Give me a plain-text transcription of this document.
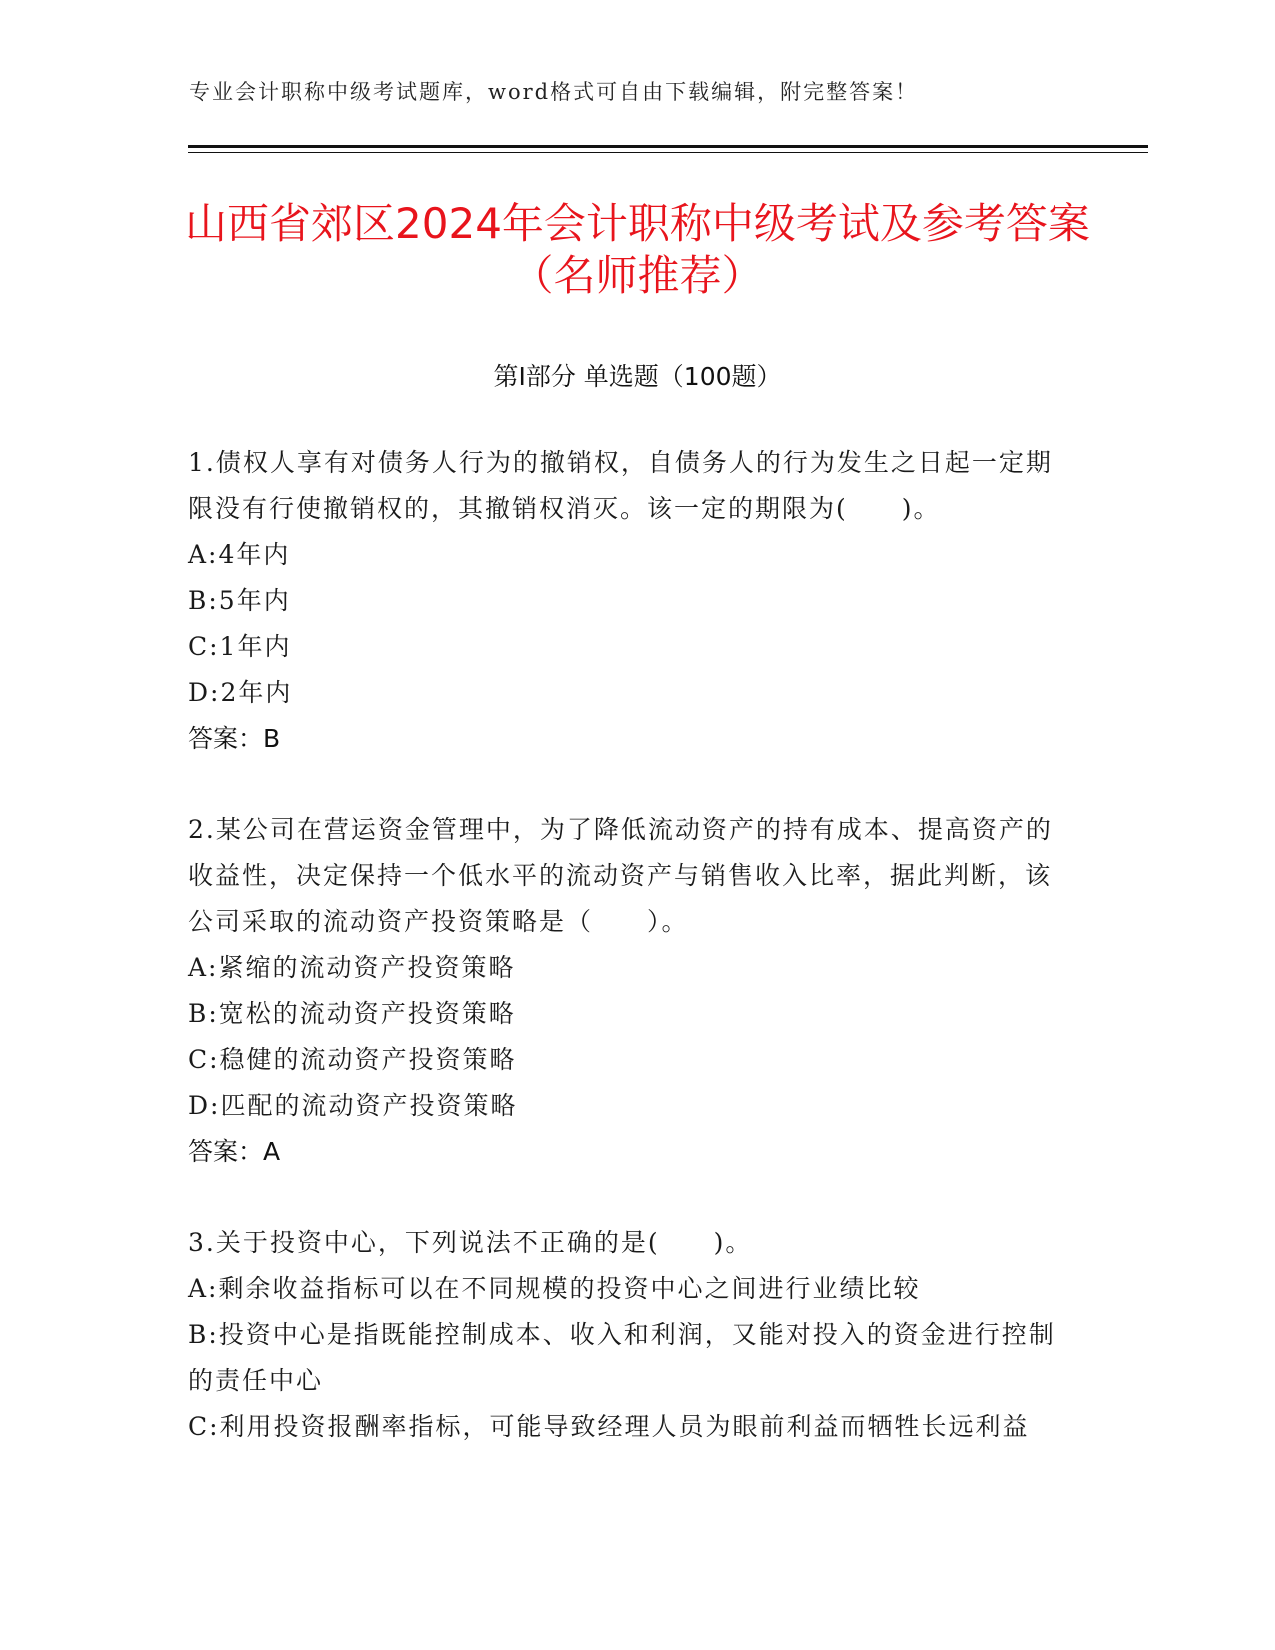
专业会计职称中级考试题库，word格式可自由下载编辑，附完整答案！
山西省郊区2024年会计职称中级考试及参考答案（名师推荐）
第Ⅰ部分 单选题（100题）
1.债权人享有对债务人行为的撤销权，自债务人的行为发生之日起一定期限没有行使撤销权的，其撤销权消灭。该一定的期限为(　　)。
A:4年内
B:5年内
C:1年内
D:2年内
答案：B
2.某公司在营运资金管理中，为了降低流动资产的持有成本、提高资产的收益性，决定保持一个低水平的流动资产与销售收入比率，据此判断，该公司采取的流动资产投资策略是（　　）。
A:紧缩的流动资产投资策略
B:宽松的流动资产投资策略
C:稳健的流动资产投资策略
D:匹配的流动资产投资策略
答案：A
3.关于投资中心，下列说法不正确的是(　　)。
A:剩余收益指标可以在不同规模的投资中心之间进行业绩比较
B:投资中心是指既能控制成本、收入和利润，又能对投入的资金进行控制的责任中心
C:利用投资报酬率指标，可能导致经理人员为眼前利益而牺牲长远利益
